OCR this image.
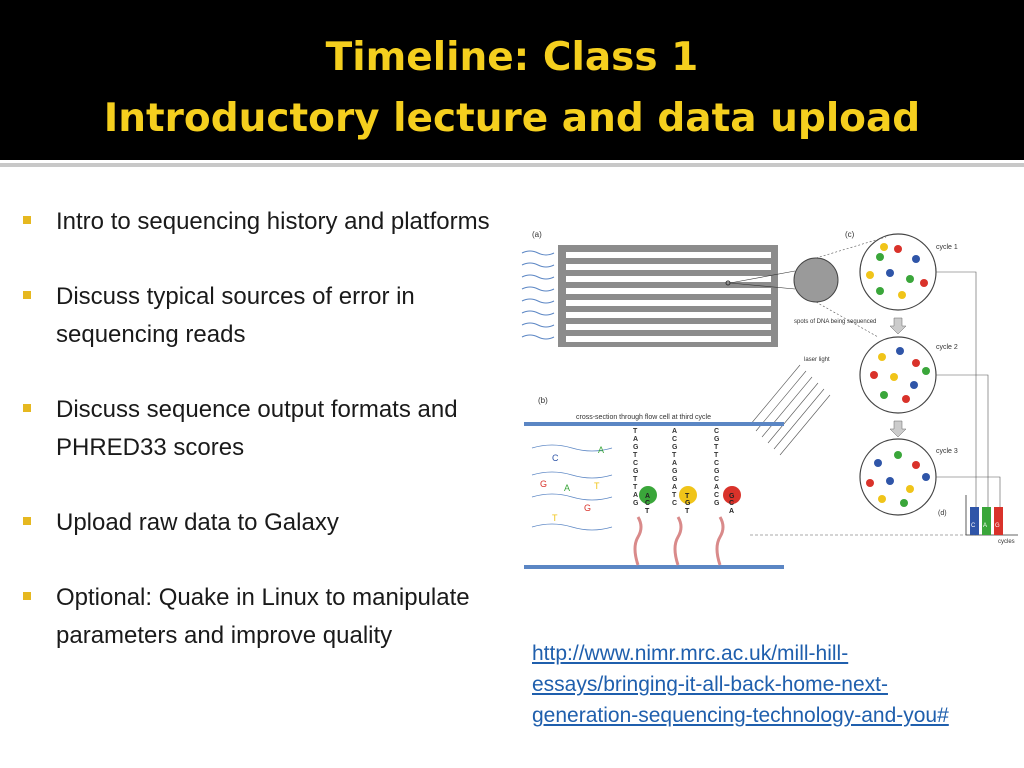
Timeline: Class 1
Introductory lecture and data upload
Intro to sequencing history and platforms
Discuss typical sources of error in sequencing reads
Discuss sequence output formats and PHRED33 scores
Upload raw data to Galaxy
Optional: Quake in Linux to manipulate parameters and improve quality
(a)
spots of DNA being sequenced
(c)
cycle 1
cycle 2
cycle 3
(d)
C A G
cycles
laser light
(b)
cross-section through flow cell at third cycle
C
A
G A	T
G
T
T
A
G
T
C
G
T
T
A
G
A
C
G
T
A
G
G
A
T
C
C
G
T
T
C
G
C
A
C
G
A
T
C
T
T
G
G
A
C
http://www.nimr.mrc.ac.uk/mill-hill-
essays/bringing-it-all-back-home-next-
generation-sequencing-technology-and-you#
